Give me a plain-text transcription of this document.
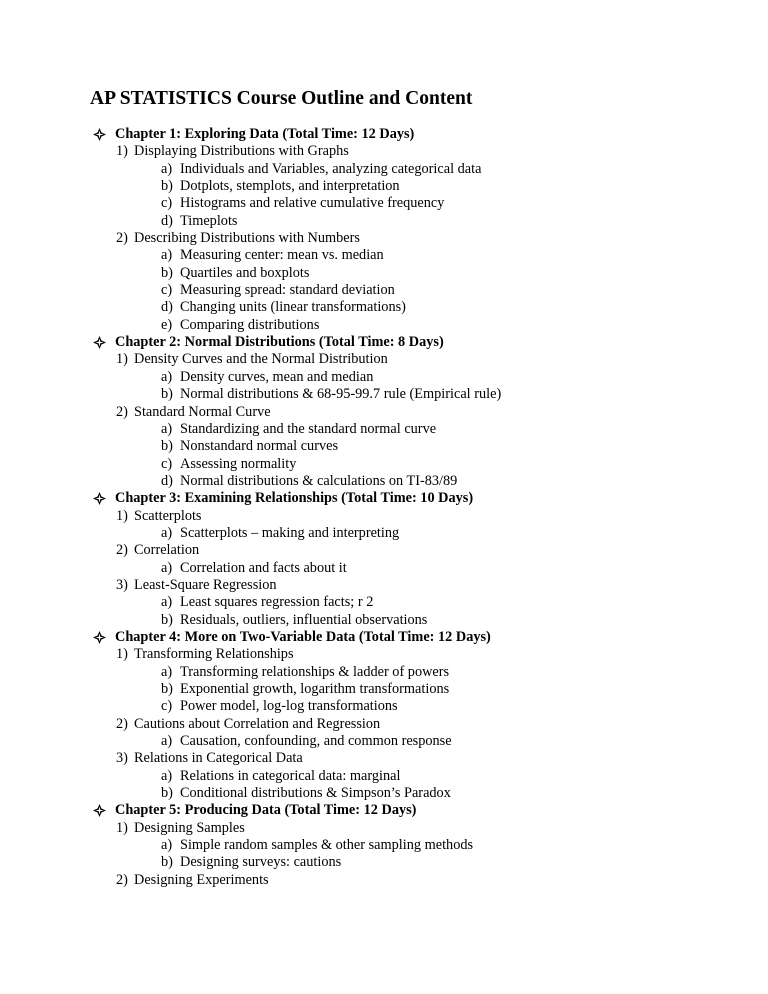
AP STATISTICS Course Outline and Content
Chapter 1: Exploring Data (Total Time: 12 Days)
1) Displaying Distributions with Graphs
a) Individuals and Variables, analyzing categorical data
b) Dotplots, stemplots, and interpretation
c) Histograms and relative cumulative frequency
d) Timeplots
2) Describing Distributions with Numbers
a) Measuring center: mean vs. median
b) Quartiles and boxplots
c) Measuring spread: standard deviation
d) Changing units (linear transformations)
e) Comparing distributions
Chapter 2: Normal Distributions (Total Time: 8 Days)
1) Density Curves and the Normal Distribution
a) Density curves, mean and median
b) Normal distributions & 68-95-99.7 rule (Empirical rule)
2) Standard Normal Curve
a) Standardizing and the standard normal curve
b) Nonstandard normal curves
c) Assessing normality
d) Normal distributions & calculations on TI-83/89
Chapter 3: Examining Relationships (Total Time: 10 Days)
1) Scatterplots
a) Scatterplots – making and interpreting
2) Correlation
a) Correlation and facts about it
3) Least-Square Regression
a) Least squares regression facts; r 2
b) Residuals, outliers, influential observations
Chapter 4: More on Two-Variable Data (Total Time: 12 Days)
1) Transforming Relationships
a) Transforming relationships & ladder of powers
b) Exponential growth, logarithm transformations
c) Power model, log-log transformations
2) Cautions about Correlation and Regression
a) Causation, confounding, and common response
3) Relations in Categorical Data
a) Relations in categorical data: marginal
b) Conditional distributions & Simpson’s Paradox
Chapter 5: Producing Data (Total Time: 12 Days)
1) Designing Samples
a) Simple random samples & other sampling methods
b) Designing surveys: cautions
2) Designing Experiments
